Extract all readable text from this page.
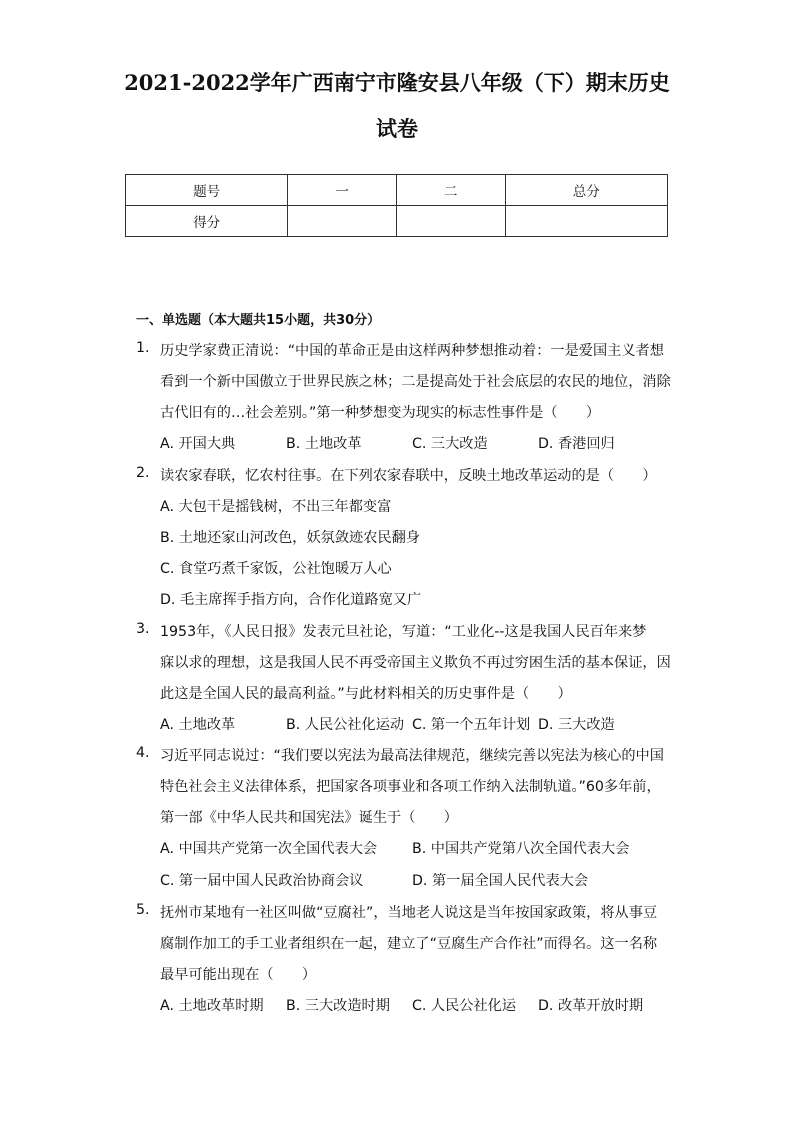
2021-2022学年广西南宁市隆安县八年级（下）期末历史
试卷
题号	一	二	总分
得分			
一、单选题（本大题共15小题，共30分）
1. 历史学家费正清说：“中国的革命正是由这样两种梦想推动着：一是爱国主义者想
看到一个新中国傲立于世界民族之林；二是提高处于社会底层的农民的地位，消除
古代旧有的…社会差别。”第一种梦想变为现实的标志性事件是（　　）
A. 开国大典	B. 土地改革	C. 三大改造	D. 香港回归
2. 读农家春联，忆农村往事。在下列农家春联中，反映土地改革运动的是（　　）
A. 大包干是摇钱树，不出三年都变富
B. 土地还家山河改色，妖氛敛迹农民翻身
C. 食堂巧煮千家饭，公社饱暖万人心
D. 毛主席挥手指方向，合作化道路宽又广
3. 1953年，《人民日报》发表元旦社论，写道：“工业化--这是我国人民百年来梦
寐以求的理想，这是我国人民不再受帝国主义欺负不再过穷困生活的基本保证，因
此这是全国人民的最高利益。”与此材料相关的历史事件是（　　）
A. 土地改革	B. 人民公社化运动 C. 第一个五年计划 D. 三大改造
4. 习近平同志说过：“我们要以宪法为最高法律规范，继续完善以宪法为核心的中国
特色社会主义法律体系，把国家各项事业和各项工作纳入法制轨道。”60多年前，
第一部《中华人民共和国宪法》诞生于（　　）
A. 中国共产党第一次全国代表大会 B. 中国共产党第八次全国代表大会
C. 第一届中国人民政治协商会议	D. 第一届全国人民代表大会
5. 抚州市某地有一社区叫做“豆腐社”，当地老人说这是当年按国家政策，将从事豆
腐制作加工的手工业者组织在一起，建立了“豆腐生产合作社”而得名。这一名称
最早可能出现在（　　）
A. 土地改革时期 B. 三大改造时期 C. 人民公社化运 D. 改革开放时期
